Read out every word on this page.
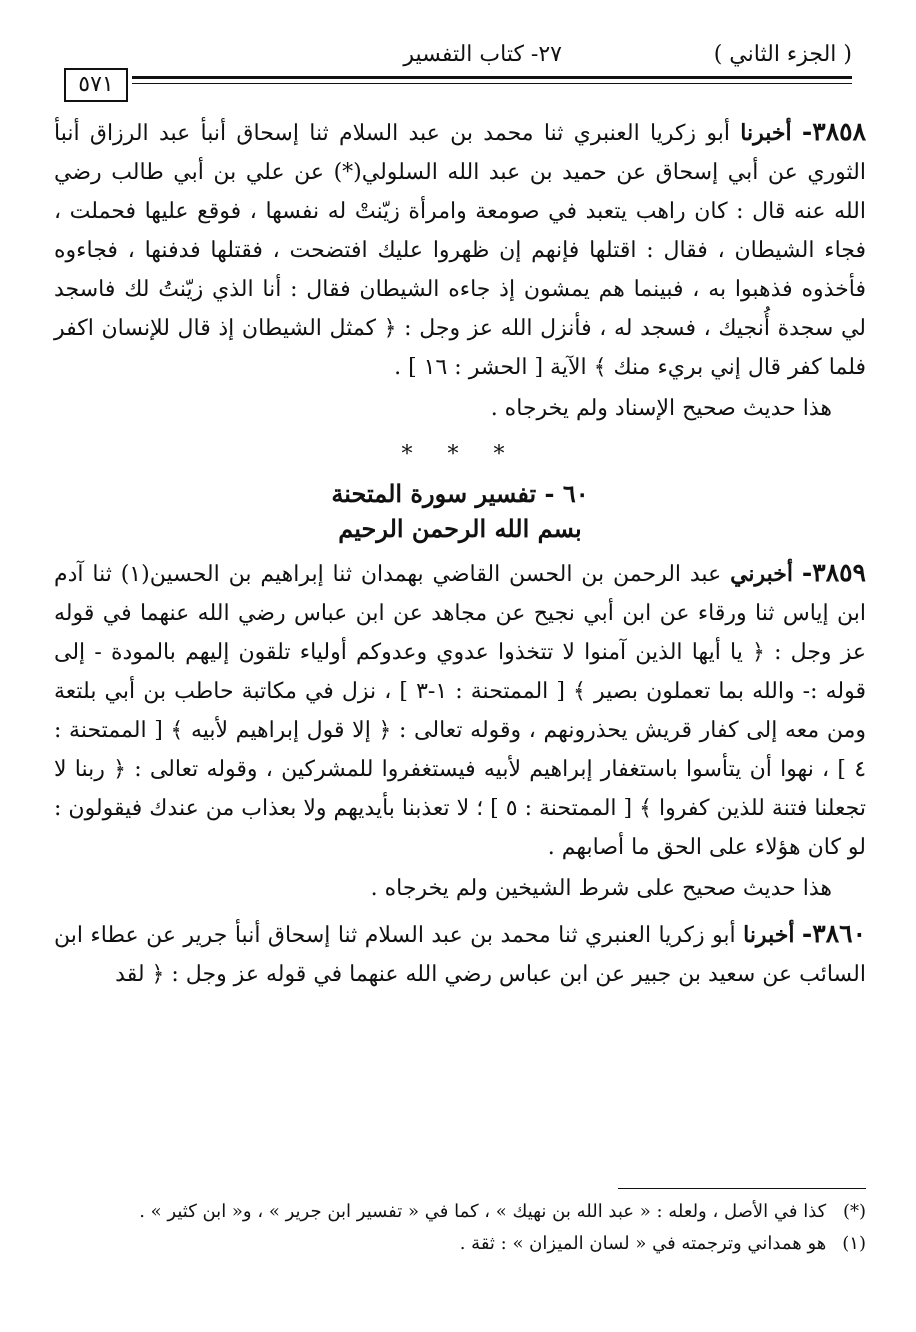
( الجزء الثاني )
٢٧- كتاب التفسير
٥٧١

٣٨٥٨- أخبرنا أبو زكريا العنبري ثنا محمد بن عبد السلام ثنا إسحاق أنبأ عبد الرزاق أنبأ الثوري عن أبي إسحاق عن حميد بن عبد الله السلولي(*) عن علي بن أبي طالب رضي الله عنه قال : كان راهب يتعبد في صومعة وامرأة زيّنتْ له نفسها ، فوقع عليها فحملت ، فجاء الشيطان ، فقال : اقتلها فإنهم إن ظهروا عليك افتضحت ، فقتلها فدفنها ، فجاءوه فأخذوه فذهبوا به ، فبينما هم يمشون إذ جاءه الشيطان فقال : أنا الذي زيّنتُ لك فاسجد لي سجدة أُنجيك ، فسجد له ، فأنزل الله عز وجل : ﴿ كمثل الشيطان إذ قال للإنسان اكفر فلما كفر قال إني بريء منك ﴾ الآية [ الحشر : ١٦ ] .

هذا حديث صحيح الإسناد ولم يخرجاه .

* * *
٦٠ - تفسير سورة المتحنة
بسم الله الرحمن الرحيم

٣٨٥٩- أخبرني عبد الرحمن بن الحسن القاضي بهمدان ثنا إبراهيم بن الحسين(١) ثنا آدم ابن إياس ثنا ورقاء عن ابن أبي نجيح عن مجاهد عن ابن عباس رضي الله عنهما في قوله عز وجل : ﴿ يا أيها الذين آمنوا لا تتخذوا عدوي وعدوكم أولياء تلقون إليهم بالمودة - إلى قوله :- والله بما تعملون بصير ﴾ [ الممتحنة : ١-٣ ] ، نزل في مكاتبة حاطب بن أبي بلتعة ومن معه إلى كفار قريش يحذرونهم ، وقوله تعالى : ﴿ إلا قول إبراهيم لأبيه ﴾ [ الممتحنة : ٤ ] ، نهوا أن يتأسوا باستغفار إبراهيم لأبيه فيستغفروا للمشركين ، وقوله تعالى : ﴿ ربنا لا تجعلنا فتنة للذين كفروا ﴾ [ الممتحنة : ٥ ] ؛ لا تعذبنا بأيديهم ولا بعذاب من عندك فيقولون : لو كان هؤلاء على الحق ما أصابهم .

هذا حديث صحيح على شرط الشيخين ولم يخرجاه .

٣٨٦٠- أخبرنا أبو زكريا العنبري ثنا محمد بن عبد السلام ثنا إسحاق أنبأ جرير عن عطاء ابن السائب عن سعيد بن جبير عن ابن عباس رضي الله عنهما في قوله عز وجل : ﴿ لقد

(*) كذا في الأصل ، ولعله : « عبد الله بن نهيك » ، كما في « تفسير ابن جرير » ، و« ابن كثير » .

(١) هو همداني وترجمته في « لسان الميزان » : ثقة .
